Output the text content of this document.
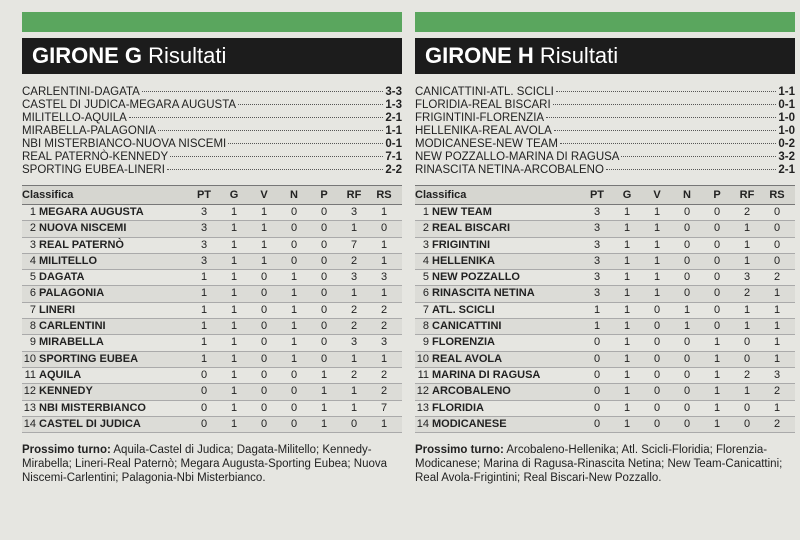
GIRONE G Risultati
CARLENTINI-DAGATA	3-3
CASTEL DI JUDICA-MEGARA AUGUSTA	1-3
MILITELLO-AQUILA	2-1
MIRABELLA-PALAGONIA	1-1
NBI MISTERBIANCO-NUOVA NISCEMI	0-1
REAL PATERNÒ-KENNEDY	7-1
SPORTING EUBEA-LINERI	2-2
Classifica	PT	G	V	N	P	RF	RS
1 MEGARA AUGUSTA	3	1	1	0	0	3	1
2 NUOVA NISCEMI	3	1	1	0	0	1	0
3 REAL PATERNÒ	3	1	1	0	0	7	1
4 MILITELLO	3	1	1	0	0	2	1
5 DAGATA	1	1	0	1	0	3	3
6 PALAGONIA	1	1	0	1	0	1	1
7 LINERI	1	1	0	1	0	2	2
8 CARLENTINI	1	1	0	1	0	2	2
9 MIRABELLA	1	1	0	1	0	3	3
10 SPORTING EUBEA	1	1	0	1	0	1	1
11 AQUILA	0	1	0	0	1	2	2
12 KENNEDY	0	1	0	0	1	1	2
13 NBI MISTERBIANCO	0	1	0	0	1	1	7
14 CASTEL DI JUDICA	0	1	0	0	1	0	1
Prossimo turno: Aquila-Castel di Judica; Dagata-Militello; Kennedy-Mirabella; Lineri-Real Paternò; Megara Augusta-Sporting Eubea; Nuova Niscemi-Carlentini; Palagonia-Nbi Misterbianco.
GIRONE H Risultati
CANICATTINI-ATL. SCICLI	1-1
FLORIDIA-REAL BISCARI	0-1
FRIGINTINI-FLORENZIA	1-0
HELLENIKA-REAL AVOLA	1-0
MODICANESE-NEW TEAM	0-2
NEW POZZALLO-MARINA DI RAGUSA	3-2
RINASCITA NETINA-ARCOBALENO	2-1
Classifica	PT	G	V	N	P	RF	RS
1 NEW TEAM	3	1	1	0	0	2	0
2 REAL BISCARI	3	1	1	0	0	1	0
3 FRIGINTINI	3	1	1	0	0	1	0
4 HELLENIKA	3	1	1	0	0	1	0
5 NEW POZZALLO	3	1	1	0	0	3	2
6 RINASCITA NETINA	3	1	1	0	0	2	1
7 ATL. SCICLI	1	1	0	1	0	1	1
8 CANICATTINI	1	1	0	1	0	1	1
9 FLORENZIA	0	1	0	0	1	0	1
10 REAL AVOLA	0	1	0	0	1	0	1
11 MARINA DI RAGUSA	0	1	0	0	1	2	3
12 ARCOBALENO	0	1	0	0	1	1	2
13 FLORIDIA	0	1	0	0	1	0	1
14 MODICANESE	0	1	0	0	1	0	2
Prossimo turno: Arcobaleno-Hellenika; Atl. Scicli-Floridia; Florenzia-Modicanese; Marina di Ragusa-Rinascita Netina; New Team-Canicattini; Real Avola-Frigintini; Real Biscari-New Pozzallo.
